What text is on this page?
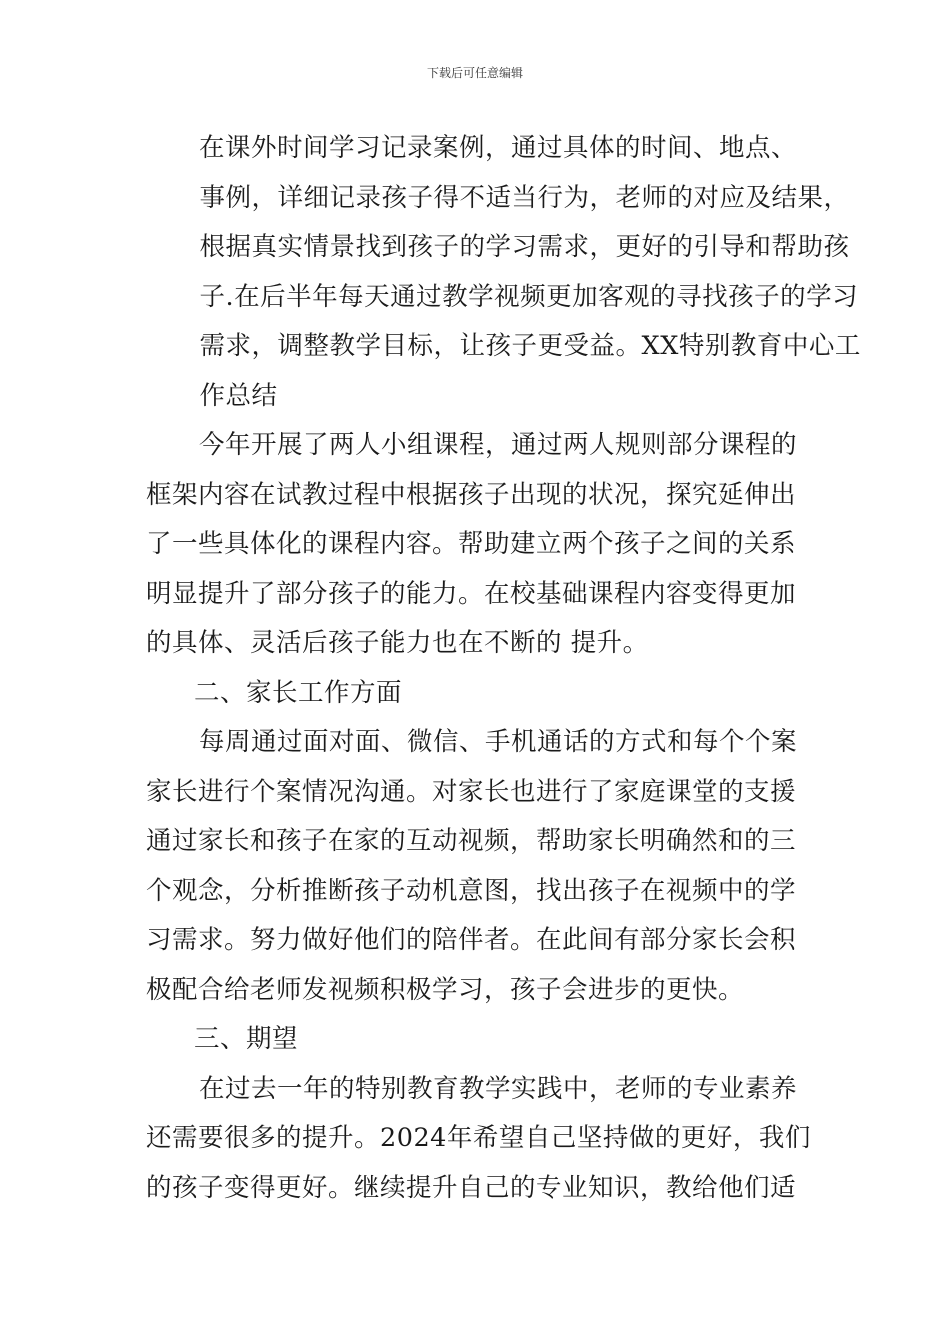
下载后可任意编辑
在课外时间学习记录案例，通过具体的时间、地点、
事例，详细记录孩子得不适当行为，老师的对应及结果，
根据真实情景找到孩子的学习需求，更好的引导和帮助孩
子.在后半年每天通过教学视频更加客观的寻找孩子的学习
需求，调整教学目标，让孩子更受益。XX特别教育中心工
作总结
今年开展了两人小组课程，通过两人规则部分课程的
框架内容在试教过程中根据孩子出现的状况，探究延伸出
了一些具体化的课程内容。帮助建立两个孩子之间的关系
明显提升了部分孩子的能力。在校基础课程内容变得更加
的具体、灵活后孩子能力也在不断的 提升。
二、家长工作方面
每周通过面对面、微信、手机通话的方式和每个个案
家长进行个案情况沟通。对家长也进行了家庭课堂的支援
通过家长和孩子在家的互动视频，帮助家长明确然和的三
个观念，分析推断孩子动机意图，找出孩子在视频中的学
习需求。努力做好他们的陪伴者。在此间有部分家长会积
极配合给老师发视频积极学习，孩子会进步的更快。
三、期望
在过去一年的特别教育教学实践中，老师的专业素养
还需要很多的提升。2024年希望自己坚持做的更好，我们
的孩子变得更好。继续提升自己的专业知识，教给他们适
